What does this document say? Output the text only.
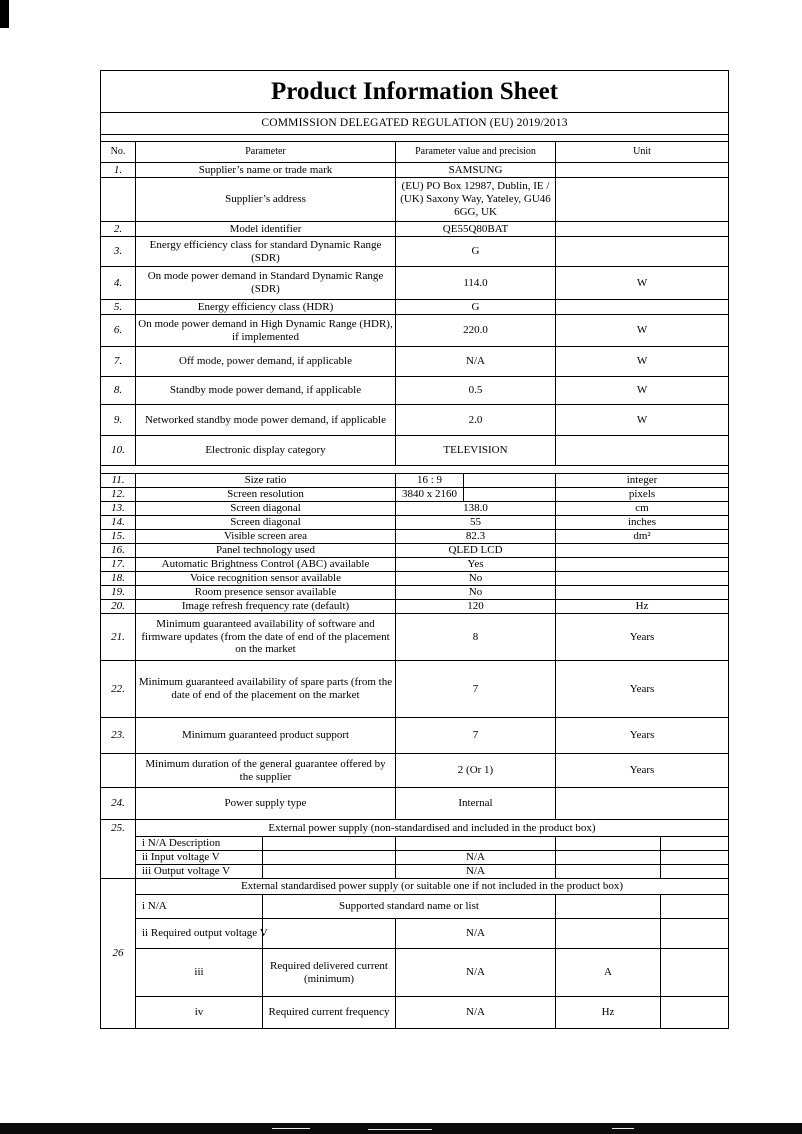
Product Information Sheet					
COMMISSION DELEGATED REGULATION (EU) 2019/2013					

No.	Parameter		Parameter value and precision	Unit	
1.	Supplier’s name or trade mark		SAMSUNG		
	Supplier’s address		(EU) PO Box 12987, Dublin, IE / (UK) Saxony Way, Yateley, GU46 6GG, UK		
2.	Model identifier		QE55Q80BAT		
3.	Energy efficiency class for standard Dynamic Range (SDR)		G		
4.	On mode power demand in Standard Dynamic Range (SDR)		114.0	W	
5.	Energy efficiency class (HDR)		G		
6.	On mode power demand in High Dynamic Range (HDR), if implemented		220.0	W	
7.	Off mode, power demand, if applicable		N/A	W	
8.	Standby mode power demand, if applicable		0.5	W	
9.	Networked standby mode power demand, if applicable		2.0	W	
10.	Electronic display category		TELEVISION		

11.	Size ratio		16 : 9	integer	
12.	Screen resolution		3840 x 2160	pixels	
13.	Screen diagonal		138.0	cm	
14.	Screen diagonal		55	inches	
15.	Visible screen area		82.3	dm²	
16.	Panel technology used		QLED LCD		
17.	Automatic Brightness Control (ABC) available		Yes		
18.	Voice recognition sensor available		No		
19.	Room presence sensor available		No		
20.	Image refresh frequency rate (default)		120	Hz	
21.	Minimum guaranteed availability of software and firmware updates (from the date of end of the placement on the market		8	Years	
22.	Minimum guaranteed availability of spare parts (from the date of end of the placement on the market		7	Years	
23.	Minimum guaranteed product support		7	Years	
	Minimum duration of the general guarantee offered by the supplier		2 (Or 1)	Years	
24.	Power supply type		Internal		
25.	External power supply (non-standardised and included in the product box)				
	i N/A Description				
	ii Input voltage V		N/A		
	iii Output voltage V		N/A		
26	External standardised power supply (or suitable one if not included in the product box)				
	i N/A	Supported standard name or list			
	ii Required output voltage V		N/A		
	iii	Required delivered current (minimum)	N/A	A	
	iv	Required current frequency	N/A	Hz	
